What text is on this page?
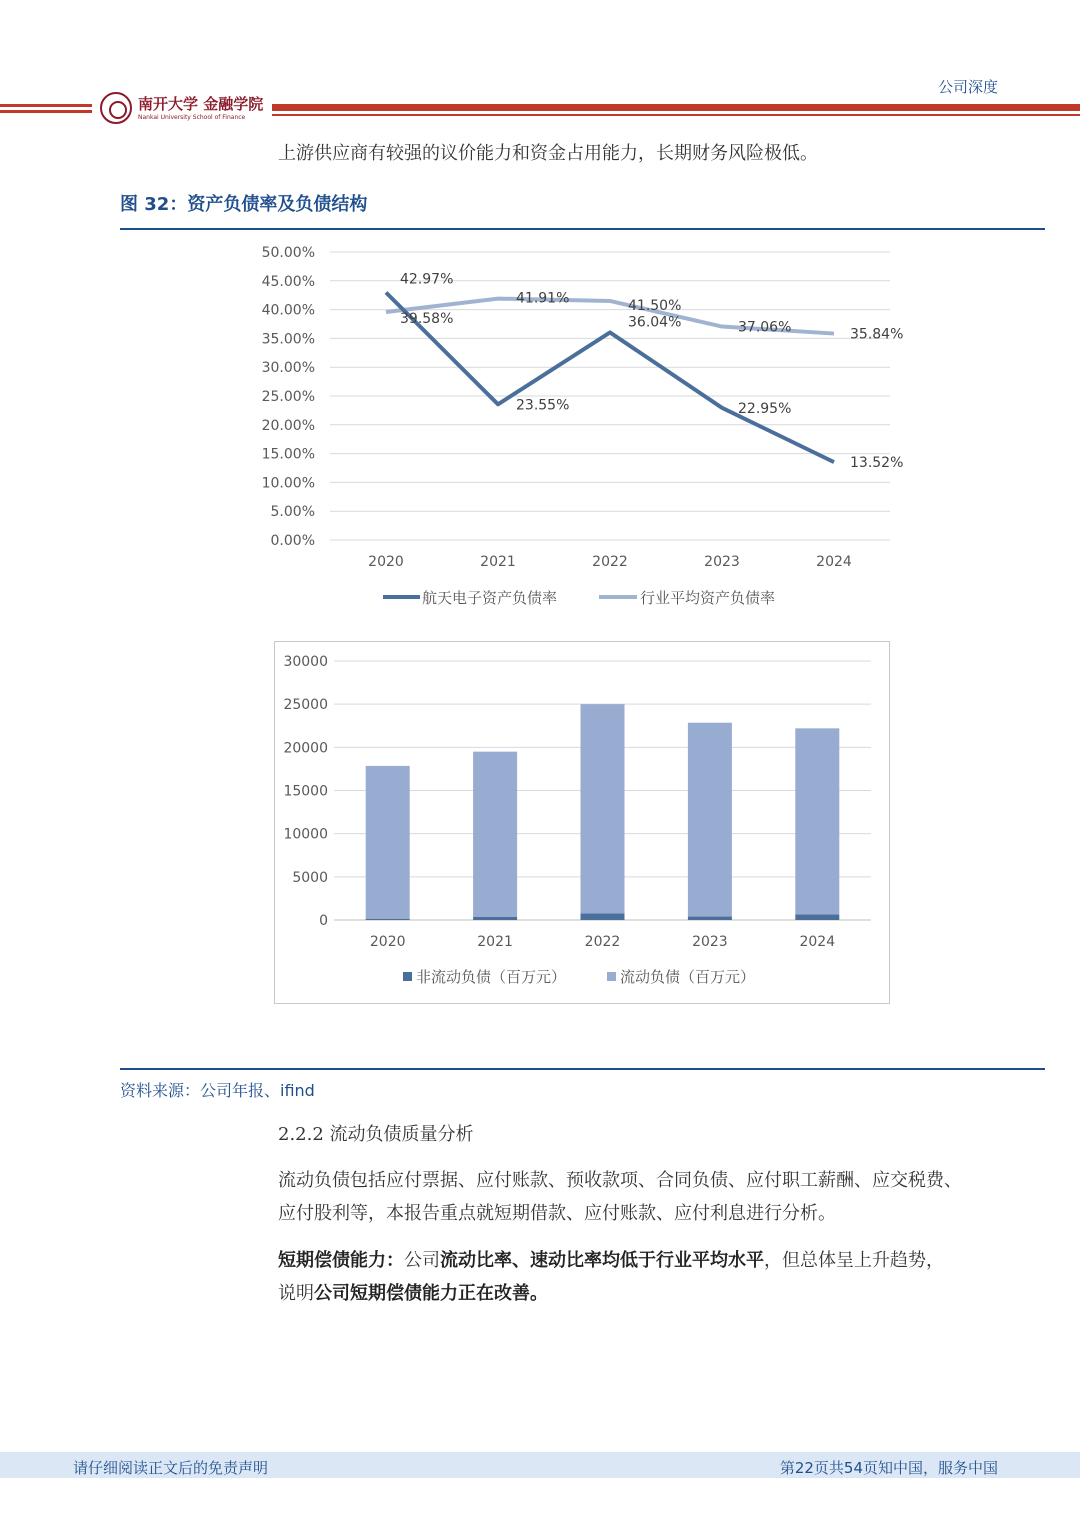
公司深度
南开大学 金融学院
Nankai University School of Finance
上游供应商有较强的议价能力和资金占用能力，长期财务风险极低。
图 32：资产负债率及负债结构
0.00%
5.00%
10.00%
15.00%
20.00%
25.00%
30.00%
35.00%
40.00%
45.00%
50.00%
2020	2021	2022	2023	2024
42.97%
23.55%
36.04%
22.95%
13.52%
39.58%
41.91%	41.50%
37.06%	35.84%
航天电子资产负债率	行业平均资产负债率
0
5000
10000
15000
20000
25000
30000
2020	2021	2022	2023	2024
非流动负债（百万元）	流动负债（百万元）
资料来源：公司年报、ifind
2.2.2 流动负债质量分析
流动负债包括应付票据、应付账款、预收款项、合同负债、应付职工薪酬、应交税费、
应付股利等，本报告重点就短期借款、应付账款、应付利息进行分析。
短期偿债能力：公司流动比率、速动比率均低于行业平均水平，但总体呈上升趋势，
说明公司短期偿债能力正在改善。
请仔细阅读正文后的免责声明	第22页共54页知中国，服务中国
